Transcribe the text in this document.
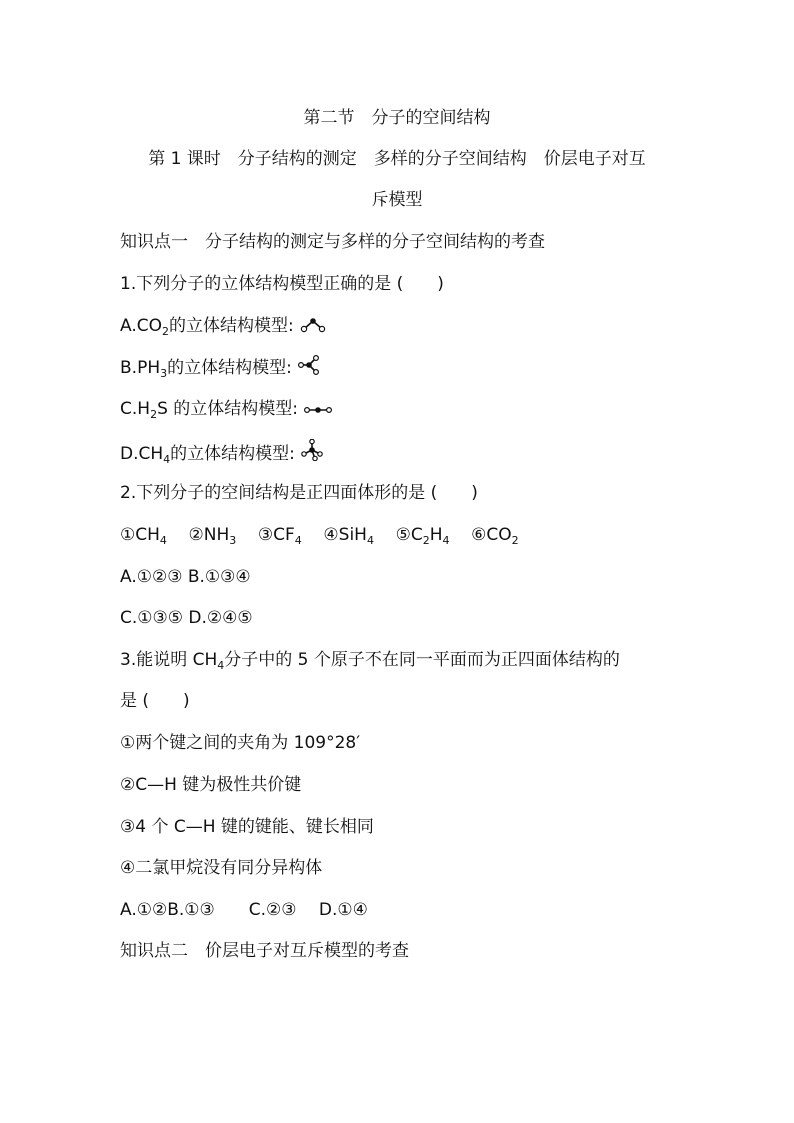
第二节　分子的空间结构
第 1 课时　分子结构的测定　多样的分子空间结构　价层电子对互
斥模型
知识点一　分子结构的测定与多样的分子空间结构的考查
1.下列分子的立体结构模型正确的是 (　　)
$A.CO_2$的立体结构模型:
$B.PH_3$的立体结构模型:
$C.H_2S$ 的立体结构模型:
$D.CH_4$的立体结构模型:
2.下列分子的空间结构是正四面体形的是 (　　)
$①CH_4$ $②NH_3$ $③CF_4$ ④SiH$_4$ $⑤C_2H_4$ $⑥CO_2$
A.①②③ B.①③④
C.①③⑤ D.②④⑤
3.能说明 $CH_4$分子中的 5 个原子不在同一平面而为正四面体结构的
是 (　　)
①两个键之间的夹角为 109°28′
②C—H 键为极性共价键
③4 个 C—H 键的键能、键长相同
④二氯甲烷没有同分异构体
A.①②B.①③　　C.②③　 D.①④
知识点二　价层电子对互斥模型的考查
